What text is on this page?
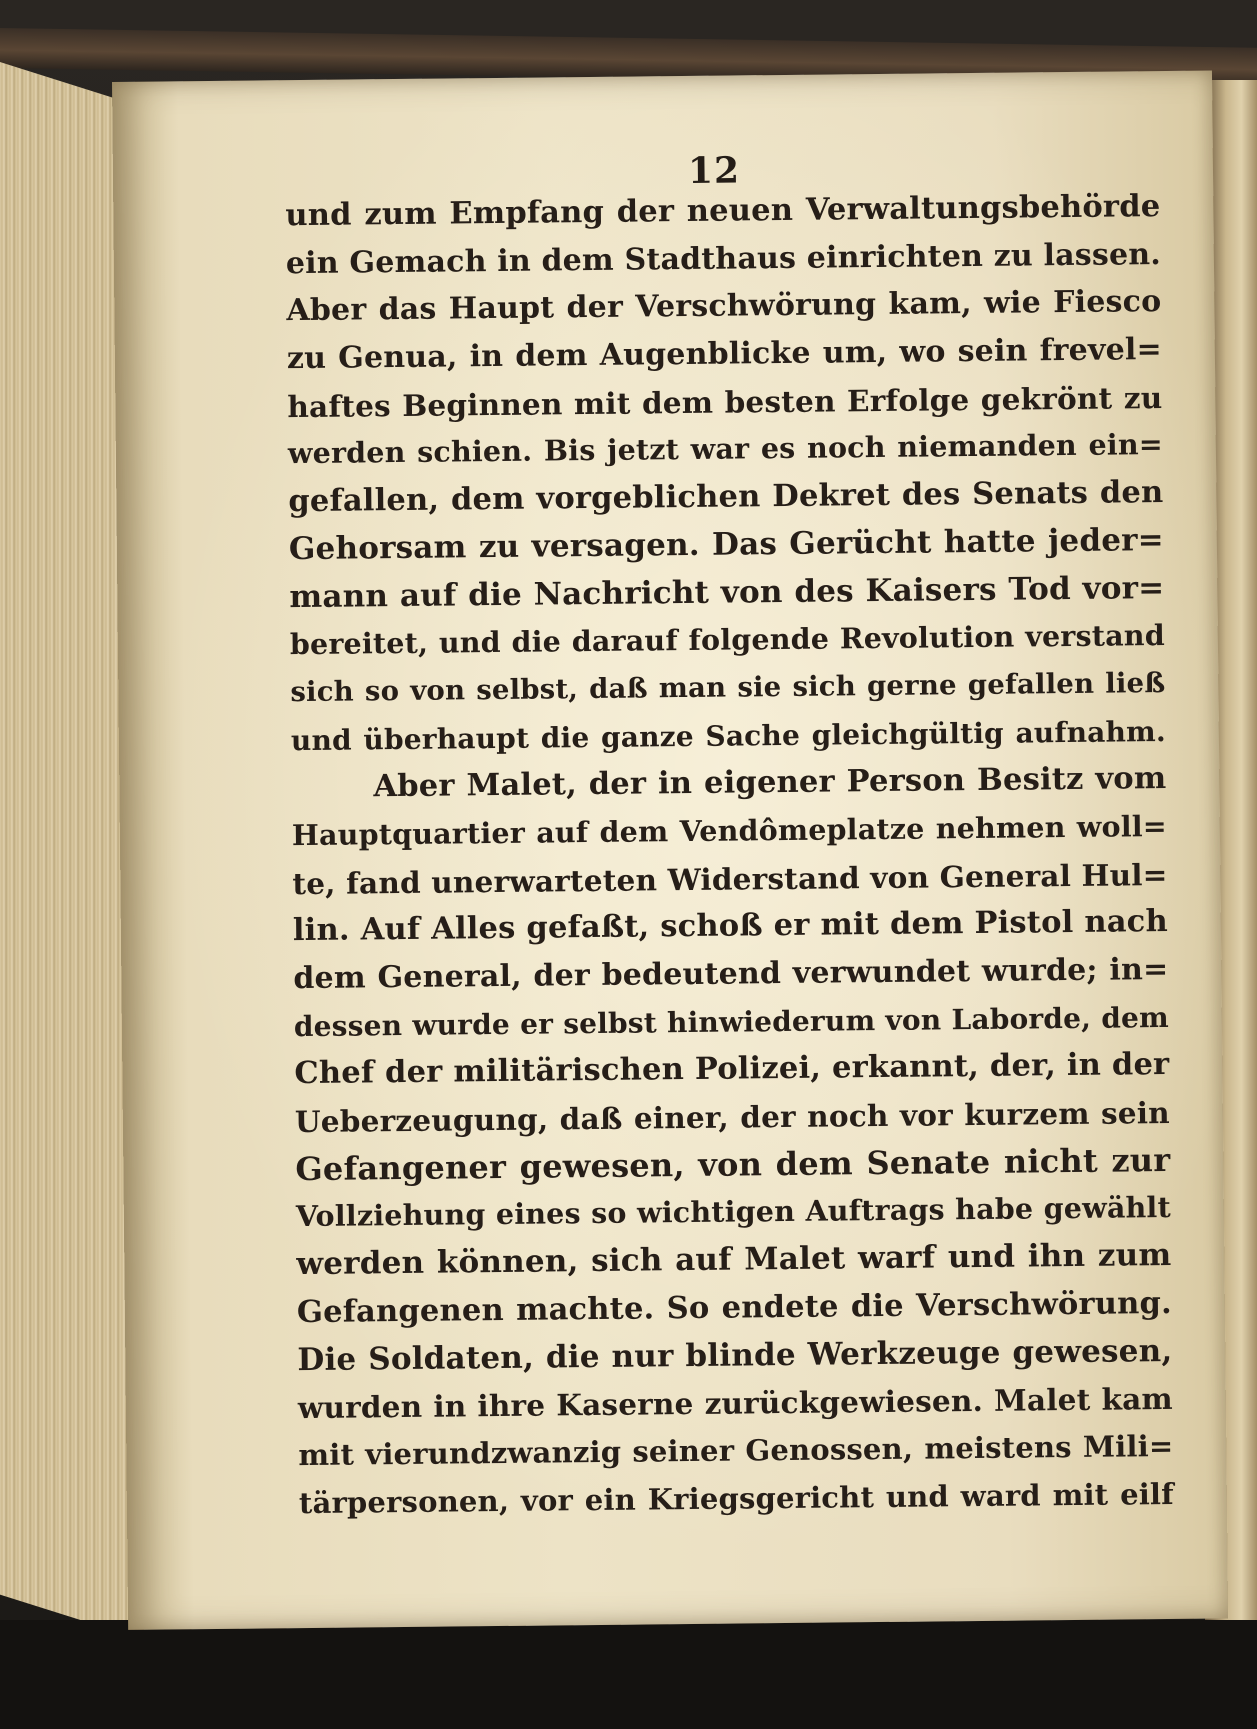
12
und zum Empfang der neuen Verwaltungsbehörde
ein Gemach in dem Stadthaus einrichten zu lassen.
Aber das Haupt der Verschwörung kam, wie Fiesco
zu Genua, in dem Augenblicke um, wo sein frevel=
haftes Beginnen mit dem besten Erfolge gekrönt zu
werden schien. Bis jetzt war es noch niemanden ein=
gefallen, dem vorgeblichen Dekret des Senats den
Gehorsam zu versagen. Das Gerücht hatte jeder=
mann auf die Nachricht von des Kaisers Tod vor=
bereitet, und die darauf folgende Revolution verstand
sich so von selbst, daß man sie sich gerne gefallen ließ
und überhaupt die ganze Sache gleichgültig aufnahm.
Aber Malet, der in eigener Person Besitz vom
Hauptquartier auf dem Vendômeplatze nehmen woll=
te, fand unerwarteten Widerstand von General Hul=
lin. Auf Alles gefaßt, schoß er mit dem Pistol nach
dem General, der bedeutend verwundet wurde; in=
dessen wurde er selbst hinwiederum von Laborde, dem
Chef der militärischen Polizei, erkannt, der, in der
Ueberzeugung, daß einer, der noch vor kurzem sein
Gefangener gewesen, von dem Senate nicht zur
Vollziehung eines so wichtigen Auftrags habe gewählt
werden können, sich auf Malet warf und ihn zum
Gefangenen machte. So endete die Verschwörung.
Die Soldaten, die nur blinde Werkzeuge gewesen,
wurden in ihre Kaserne zurückgewiesen. Malet kam
mit vierundzwanzig seiner Genossen, meistens Mili=
tärpersonen, vor ein Kriegsgericht und ward mit eilf
